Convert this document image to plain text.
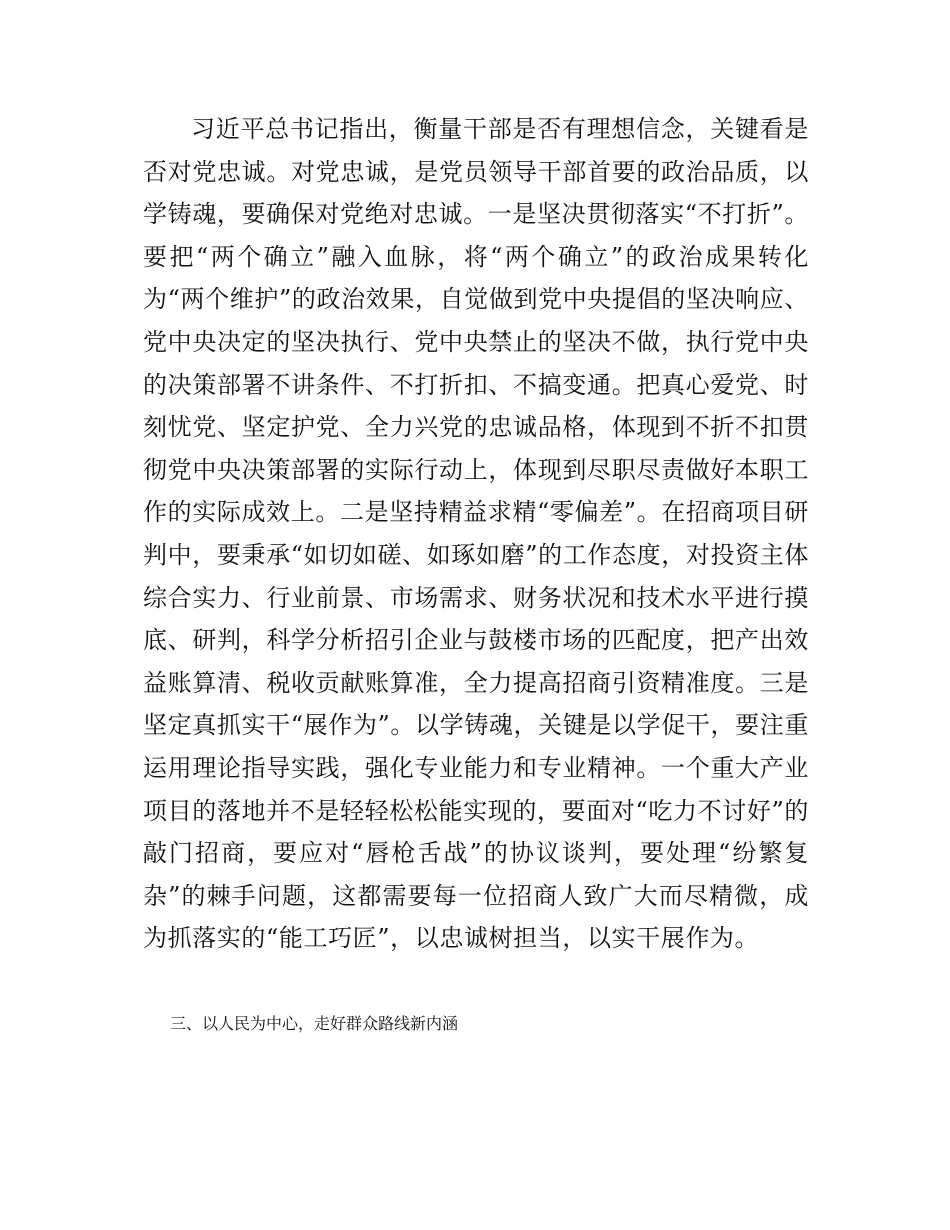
习近平总书记指出，衡量干部是否有理想信念，关键看是否对党忠诚。对党忠诚，是党员领导干部首要的政治品质，以学铸魂，要确保对党绝对忠诚。一是坚决贯彻落实“不打折”。要把“两个确立”融入血脉，将“两个确立”的政治成果转化为“两个维护”的政治效果，自觉做到党中央提倡的坚决响应、党中央决定的坚决执行、党中央禁止的坚决不做，执行党中央的决策部署不讲条件、不打折扣、不搞变通。把真心爱党、时刻忧党、坚定护党、全力兴党的忠诚品格，体现到不折不扣贯彻党中央决策部署的实际行动上，体现到尽职尽责做好本职工作的实际成效上。二是坚持精益求精“零偏差”。在招商项目研判中，要秉承“如切如磋、如琢如磨”的工作态度，对投资主体综合实力、行业前景、市场需求、财务状况和技术水平进行摸底、研判，科学分析招引企业与鼓楼市场的匹配度，把产出效益账算清、税收贡献账算准，全力提高招商引资精准度。三是坚定真抓实干“展作为”。以学铸魂，关键是以学促干，要注重运用理论指导实践，强化专业能力和专业精神。一个重大产业项目的落地并不是轻轻松松能实现的，要面对“吃力不讨好”的敲门招商，要应对“唇枪舌战”的协议谈判，要处理“纷繁复杂”的棘手问题，这都需要每一位招商人致广大而尽精微，成为抓落实的“能工巧匠”，以忠诚树担当，以实干展作为。

三、以人民为中心，走好群众路线新内涵
